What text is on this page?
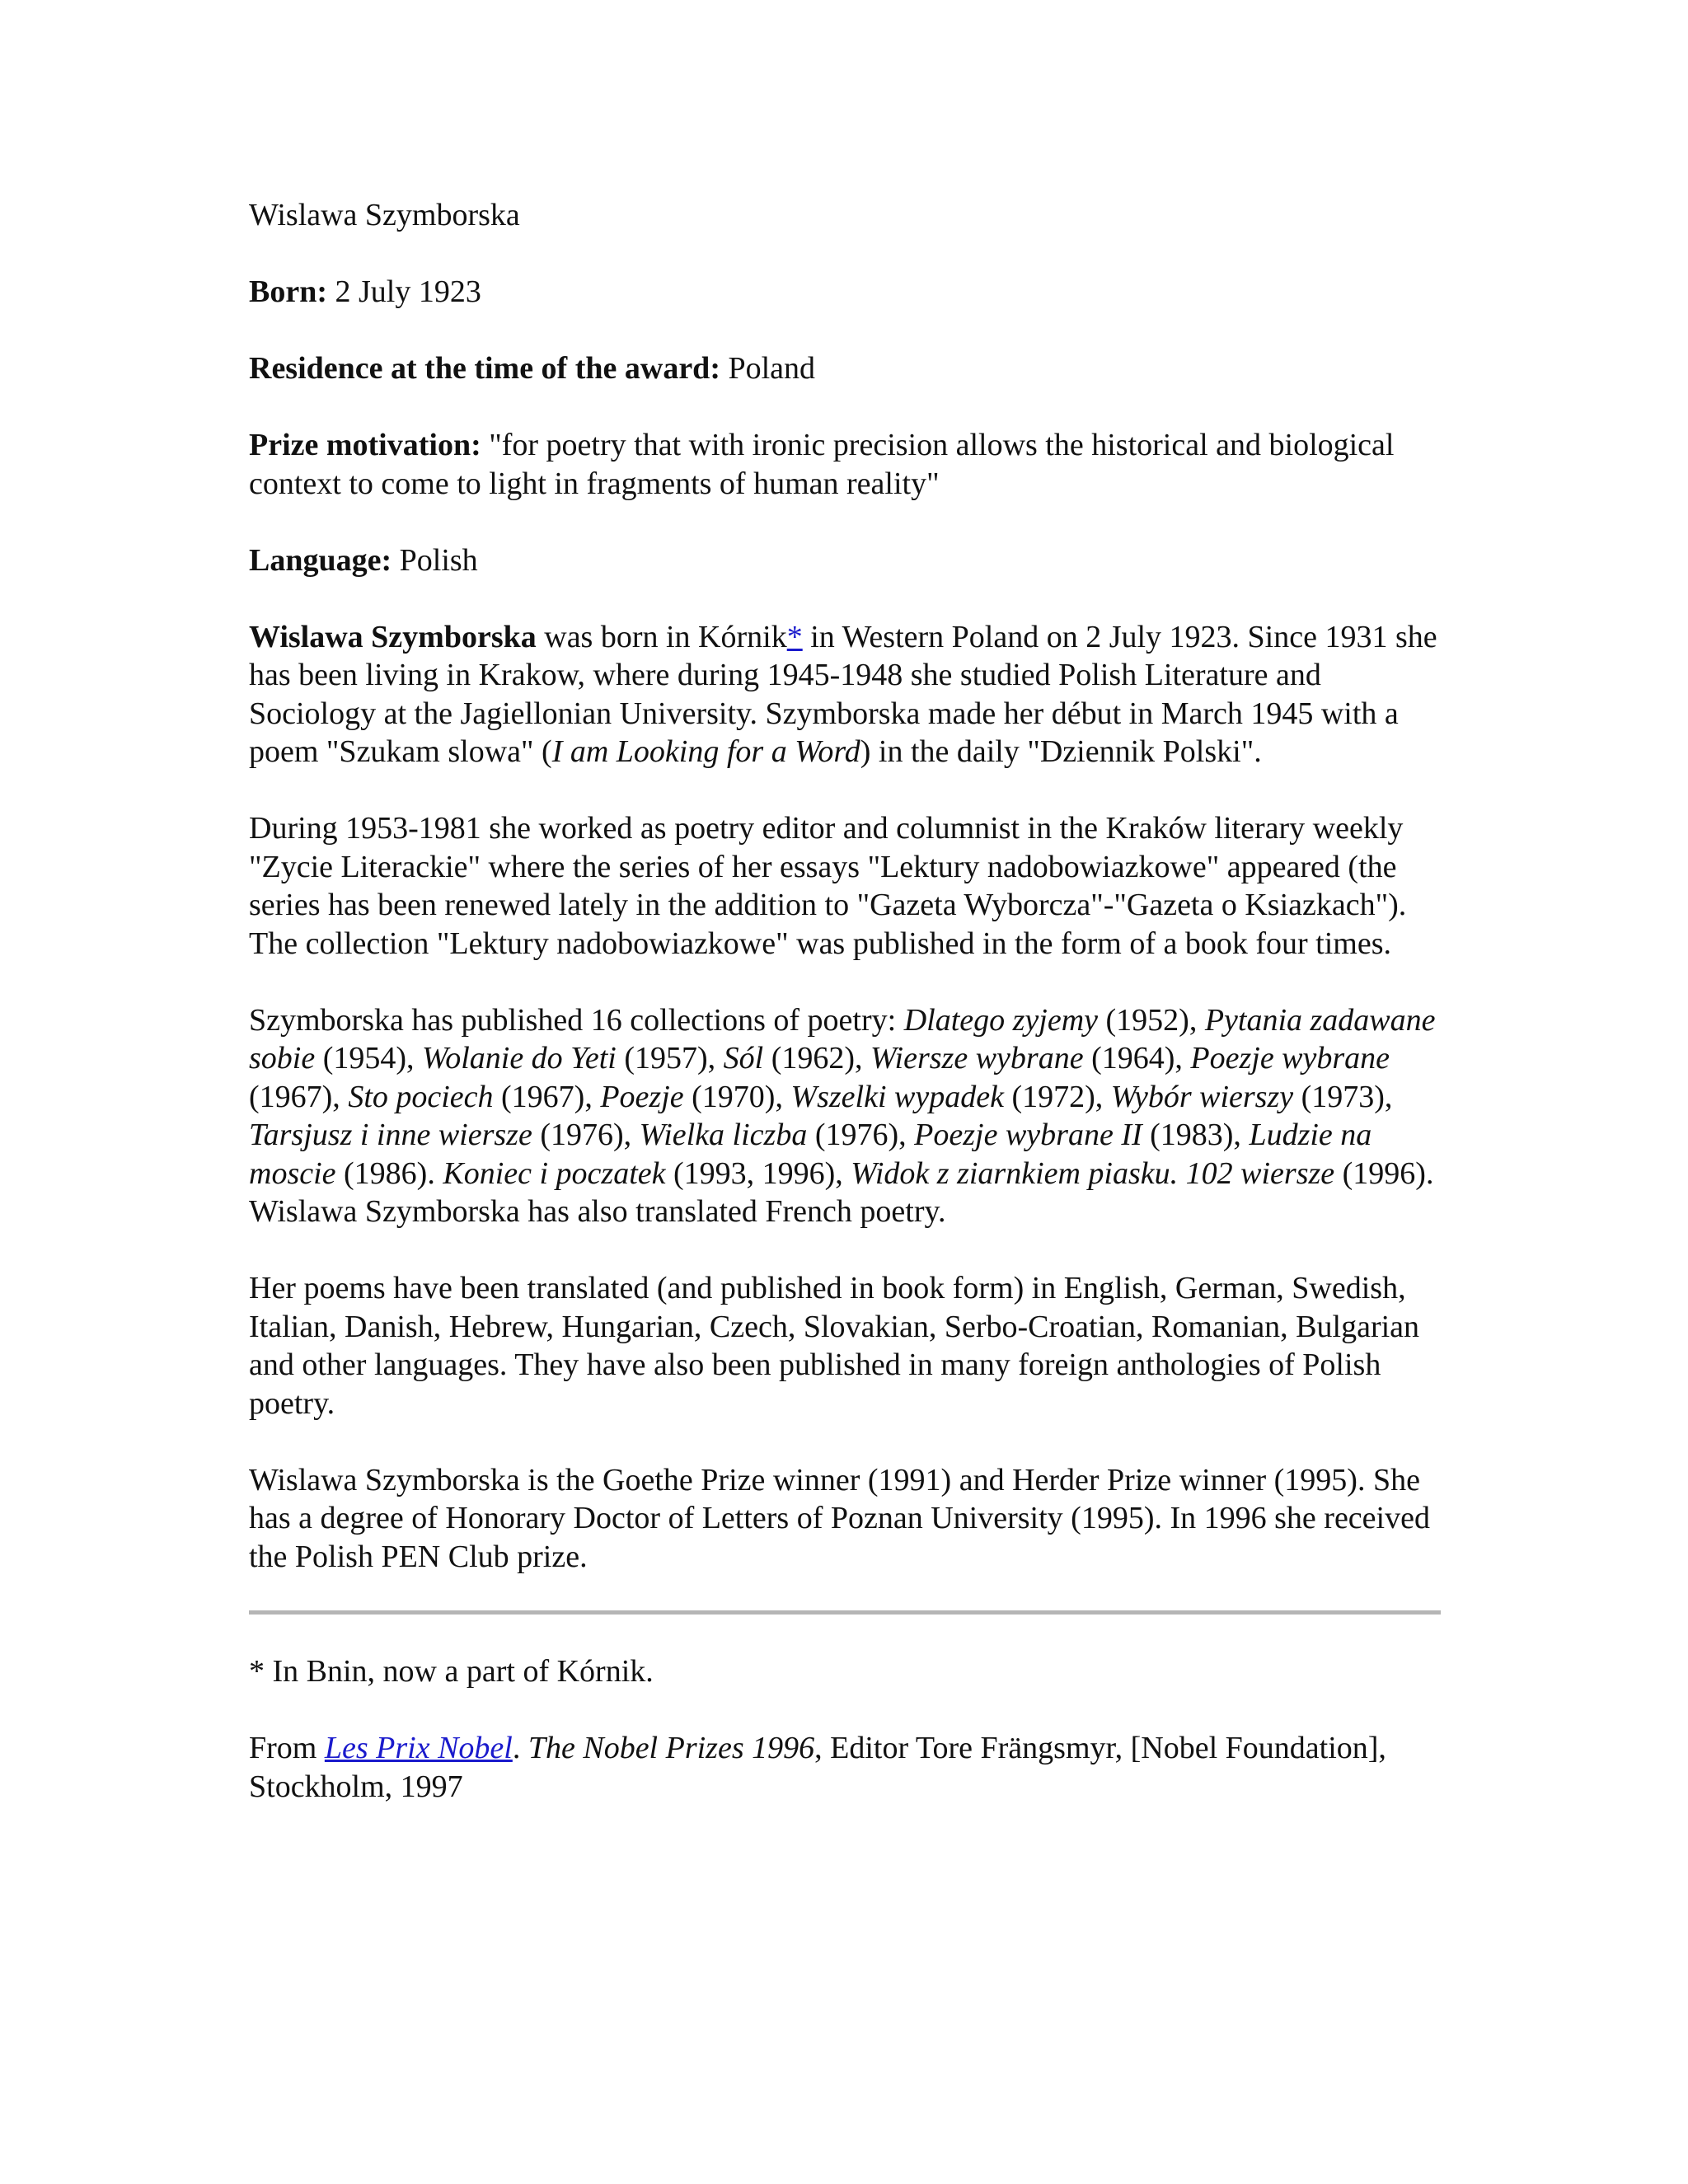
Wislawa Szymborska

Born: 2 July 1923

Residence at the time of the award: Poland

Prize motivation: "for poetry that with ironic precision allows the historical and biological context to come to light in fragments of human reality"

Language: Polish

Wislawa Szymborska was born in Kórnik* in Western Poland on 2 July 1923. Since 1931 she has been living in Krakow, where during 1945-1948 she studied Polish Literature and Sociology at the Jagiellonian University. Szymborska made her début in March 1945 with a poem "Szukam slowa" (I am Looking for a Word) in the daily "Dziennik Polski".

During 1953-1981 she worked as poetry editor and columnist in the Kraków literary weekly "Zycie Literackie" where the series of her essays "Lektury nadobowiazkowe" appeared (the series has been renewed lately in the addition to "Gazeta Wyborcza"-"Gazeta o Ksiazkach"). The collection "Lektury nadobowiazkowe" was published in the form of a book four times.

Szymborska has published 16 collections of poetry: Dlatego zyjemy (1952), Pytania zadawane sobie (1954), Wolanie do Yeti (1957), Sól (1962), Wiersze wybrane (1964), Poezje wybrane (1967), Sto pociech (1967), Poezje (1970), Wszelki wypadek (1972), Wybór wierszy (1973), Tarsjusz i inne wiersze (1976), Wielka liczba (1976), Poezje wybrane II (1983), Ludzie na moscie (1986). Koniec i poczatek (1993, 1996), Widok z ziarnkiem piasku. 102 wiersze (1996). Wislawa Szymborska has also translated French poetry.

Her poems have been translated (and published in book form) in English, German, Swedish, Italian, Danish, Hebrew, Hungarian, Czech, Slovakian, Serbo-Croatian, Romanian, Bulgarian and other languages. They have also been published in many foreign anthologies of Polish poetry.

Wislawa Szymborska is the Goethe Prize winner (1991) and Herder Prize winner (1995). She has a degree of Honorary Doctor of Letters of Poznan University (1995). In 1996 she received the Polish PEN Club prize.

* In Bnin, now a part of Kórnik.

From Les Prix Nobel. The Nobel Prizes 1996, Editor Tore Frängsmyr, [Nobel Foundation], Stockholm, 1997
